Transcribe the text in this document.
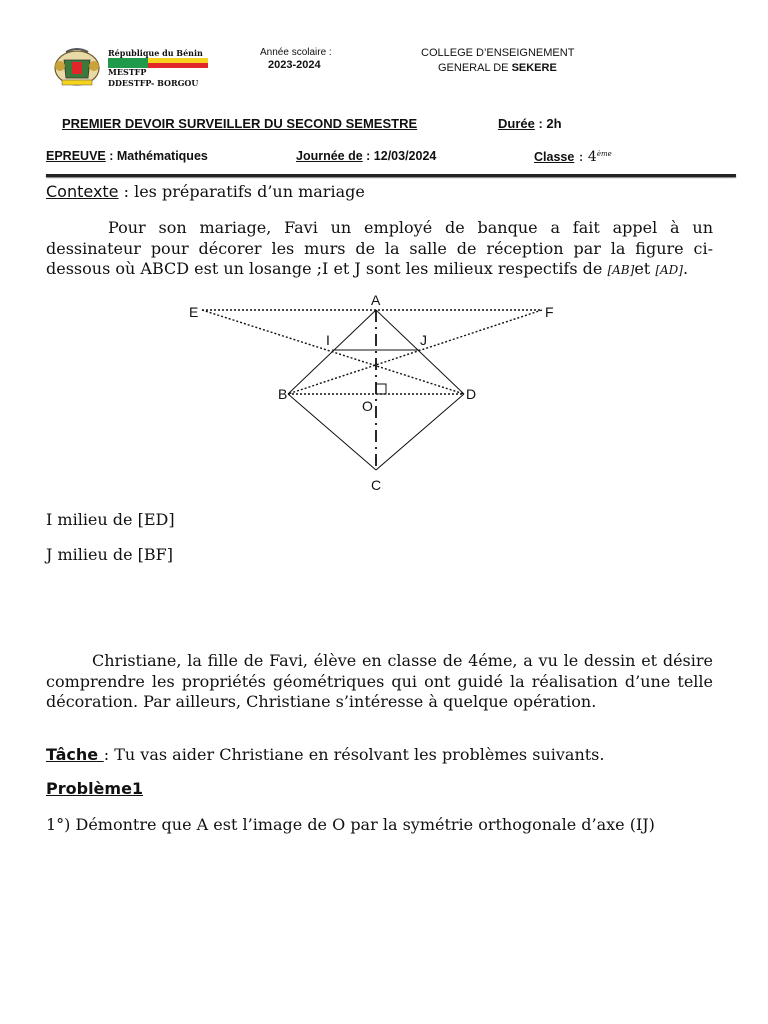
République du Bénin
MESTFP
DDESTFP- BORGOU
Année scolaire :
2023-2024
COLLEGE D’ENSEIGNEMENT
GENERAL DE SEKERE
PREMIER DEVOIR SURVEILLER DU SECOND SEMESTRE	Durée : 2h
EPREUVE : Mathématiques	Journée de : 12/03/2024	Classe : 4ème
Contexte : les préparatifs d’un mariage
Pour son mariage, Favi un employé de banque a fait appel à un dessinateur pour décorer les murs de la salle de réception par la figure ci- dessous où ABCD est un losange ;I et J sont les milieux respectifs de [AB]et [AD].
A
E	F
I	J
B	D
O
C
I milieu de [ED]
J milieu de [BF]
Christiane, la fille de Favi, élève en classe de 4éme, a vu le dessin et désire comprendre les propriétés géométriques qui ont guidé la réalisation d’une telle décoration. Par ailleurs, Christiane s’intéresse à quelque opération.
Tâche : Tu vas aider Christiane en résolvant les problèmes suivants.
Problème1
1°) Démontre que A est l’image de O par la symétrie orthogonale d’axe (IJ)
